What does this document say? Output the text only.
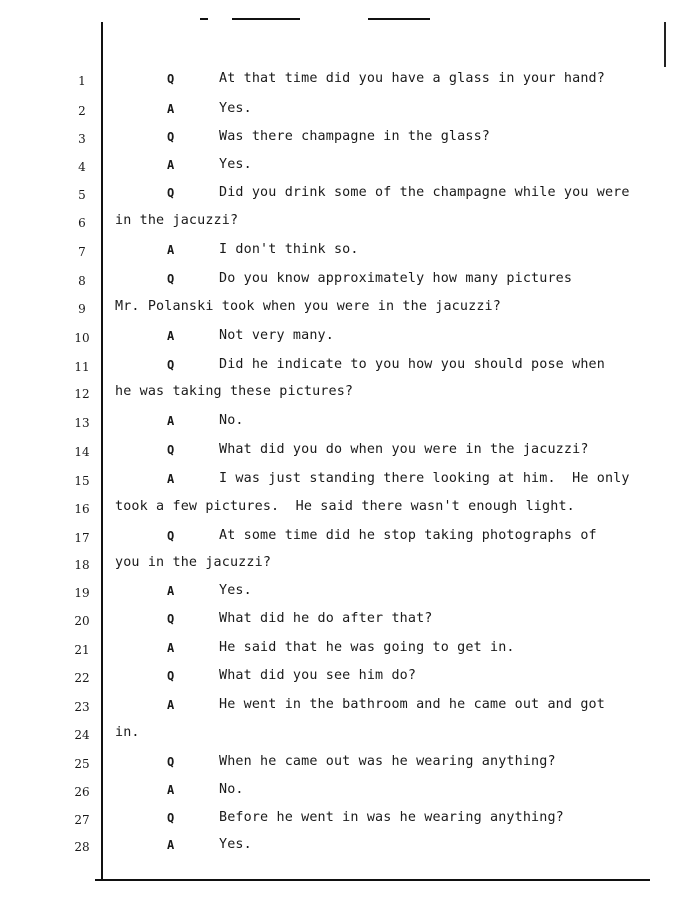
1	Q	At that time did you have a glass in your hand?
2	A	Yes.
3	Q	Was there champagne in the glass?
4	A	Yes.
5	Q	Did you drink some of the champagne while you were
6	in the jacuzzi?
7	A	I don't think so.
8	Q	Do you know approximately how many pictures
9	Mr. Polanski took when you were in the jacuzzi?
10	A	Not very many.
11	Q	Did he indicate to you how you should pose when
12 he was taking these pictures?
13	A	No.
14	Q	What did you do when you were in the jacuzzi?
15	A	I was just standing there looking at him.  He only
16 took a few pictures.  He said there wasn't enough light.
17	Q	At some time did he stop taking photographs of
18 you in the jacuzzi?
19	A	Yes.
20	Q	What did he do after that?
21	A	He said that he was going to get in.
22	Q	What did you see him do?
23	A	He went in the bathroom and he came out and got
24 in.
25	Q	When he came out was he wearing anything?
26	A	No.
27	Q	Before he went in was he wearing anything?
28	A	Yes.
